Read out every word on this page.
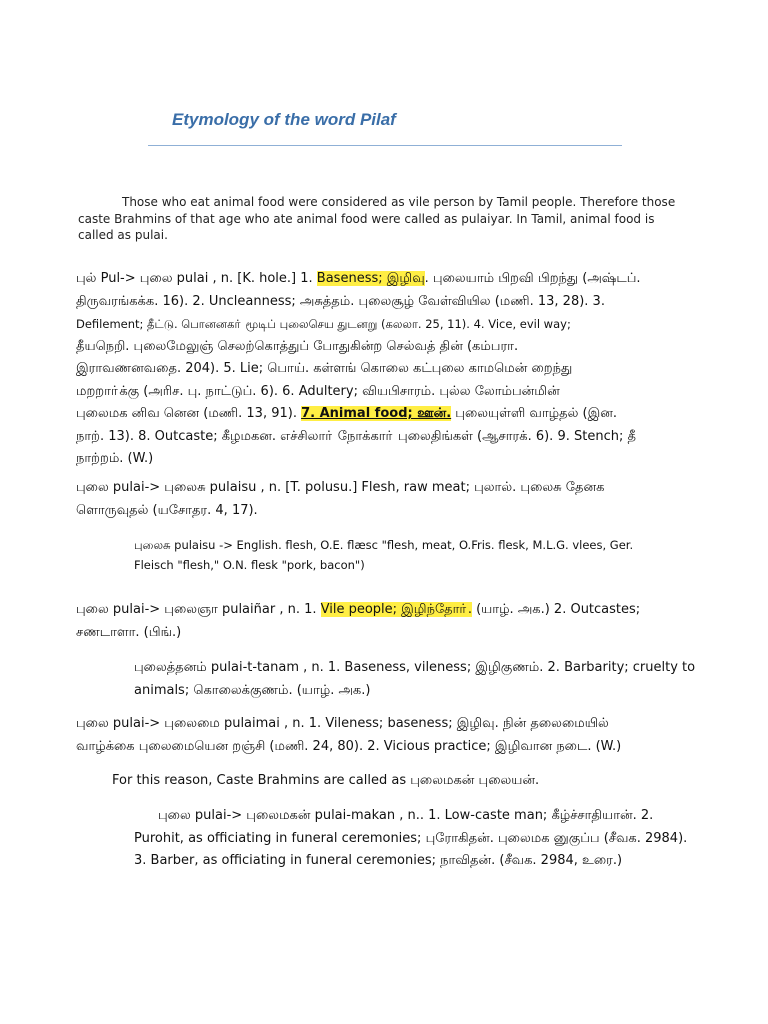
Etymology of the word Pilaf
Those who eat animal food were considered as vile person by Tamil people. Therefore those caste Brahmins of that age who ate animal food were called as pulaiyar. In Tamil, animal food is called as pulai.
புல் Pul-> புலை pulai , n. [K. hole.] 1. Baseness; இழிவு. புலையாம் பிறவி பிறந்து (அஷ்டப்.
திருவரங்கக்க. 16). 2. Uncleanness; அசுத்தம். புலைசூழ் வேள்வியில (மணி. 13, 28). 3.
Defilement; தீட்டு. பொனனகா் மூடிப் புலைசெய துடனறு (கலலா. 25, 11). 4. Vice, evil way;
தீயநெறி. புலைமேலுஞ் செலற்கொத்துப் போதுகின்ற செல்வத் தின் (கம்பரா.
இராவணனவதை. 204). 5. Lie; பொய். கள்ளங் கொலை கட்புலை காமமென் றைந்து
மறறாா்க்கு (அரிச. பு. நாட்டுப். 6). 6. Adultery; வியபிசாரம். புல்ல லோம்பன்மின்
புலைமக னிவ னென (மணி. 13, 91). 7. Animal food; ஊன். புலையுள்ளி வாழ்தல் (இன.
நாற். 13). 8. Outcaste; கீழமகன. எச்சிலாா் நோக்காா் புலைதிங்கள் (ஆசாரக். 6). 9. Stench; தீ
நாற்றம். (W.)
புலை pulai-> புலைசு pulaisu , n. [T. polusu.] Flesh, raw meat; புலால். புலைசு தேனக
ளொருவுதல் (யசோதர. 4, 17).
புலைசு pulaisu -> English. flesh, O.E. flæsc "flesh, meat, O.Fris. flesk, M.L.G. vlees, Ger.
Fleisch "flesh," O.N. flesk "pork, bacon")
புலை pulai-> புலைஞா pulaiñar , n. 1. Vile people; இழிந்தோா். (யாழ். அக.) 2. Outcastes;
சணடாளா. (பிங்.)
புலைத்தனம் pulai-t-tanam , n. 1. Baseness, vileness; இழிகுணம். 2. Barbarity; cruelty to
animals; கொலைக்குணம். (யாழ். அக.)
புலை pulai-> புலைமை pulaimai , n. 1. Vileness; baseness; இழிவு. நின் தலைமையில்
வாழ்க்கை புலைமையென றஞ்சி (மணி. 24, 80). 2. Vicious practice; இழிவான நடை. (W.)
For this reason, Caste Brahmins are called as புலைமகன் புலையன்.
புலை pulai-> புலைமகன் pulai-makan , n.. 1. Low-caste man; கீழ்ச்சாதியான். 2.
Purohit, as officiating in funeral ceremonies; புரோகிதன். புலைமக னுகுப்ப (சீவக. 2984).
3. Barber, as officiating in funeral ceremonies; நாவிதன். (சீவக. 2984, உரை.)
